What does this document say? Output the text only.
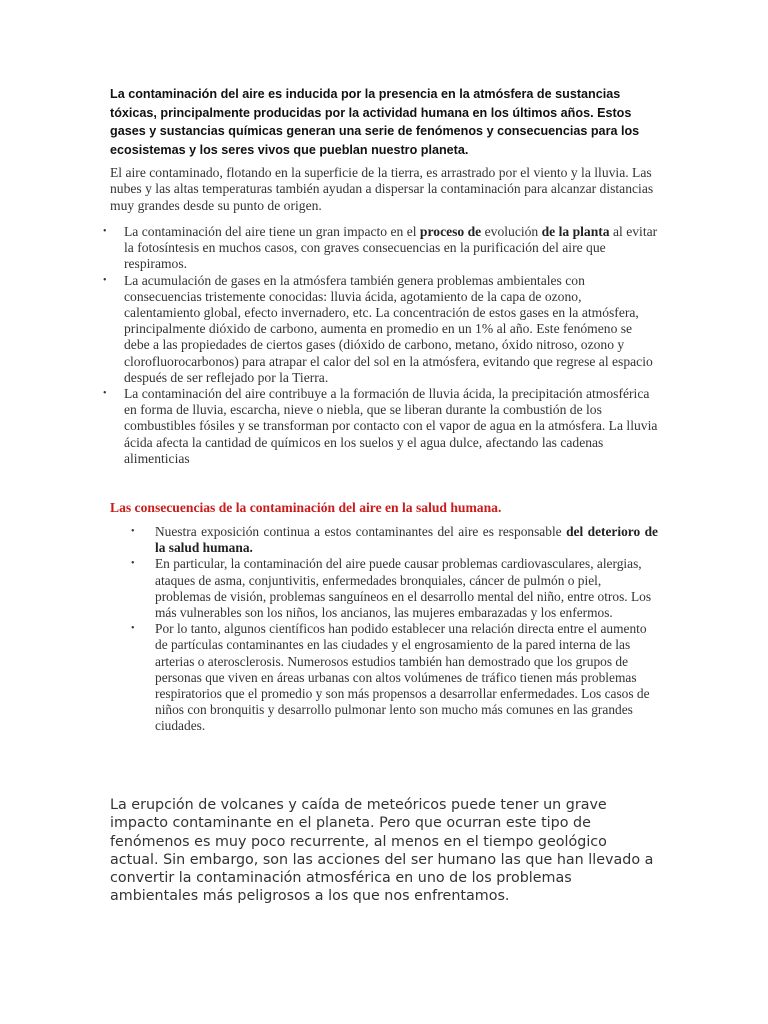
La contaminación del aire es inducida por la presencia en la atmósfera de sustancias tóxicas, principalmente producidas por la actividad humana en los últimos años. Estos gases y sustancias químicas generan una serie de fenómenos y consecuencias para los ecosistemas y los seres vivos que pueblan nuestro planeta.

El aire contaminado, flotando en la superficie de la tierra, es arrastrado por el viento y la lluvia. Las nubes y las altas temperaturas también ayudan a dispersar la contaminación para alcanzar distancias muy grandes desde su punto de origen.

• La contaminación del aire tiene un gran impacto en el proceso de evolución de la planta al evitar la fotosíntesis en muchos casos, con graves consecuencias en la purificación del aire que respiramos.
• La acumulación de gases en la atmósfera también genera problemas ambientales con consecuencias tristemente conocidas: lluvia ácida, agotamiento de la capa de ozono, calentamiento global, efecto invernadero, etc. La concentración de estos gases en la atmósfera, principalmente dióxido de carbono, aumenta en promedio en un 1% al año. Este fenómeno se debe a las propiedades de ciertos gases (dióxido de carbono, metano, óxido nitroso, ozono y clorofluorocarbonos) para atrapar el calor del sol en la atmósfera, evitando que regrese al espacio después de ser reflejado por la Tierra.
• La contaminación del aire contribuye a la formación de lluvia ácida, la precipitación atmosférica en forma de lluvia, escarcha, nieve o niebla, que se liberan durante la combustión de los combustibles fósiles y se transforman por contacto con el vapor de agua en la atmósfera. La lluvia ácida afecta la cantidad de químicos en los suelos y el agua dulce, afectando las cadenas alimenticias

Las consecuencias de la contaminación del aire en la salud humana.

• Nuestra exposición continua a estos contaminantes del aire es responsable del deterioro de la salud humana.
• En particular, la contaminación del aire puede causar problemas cardiovasculares, alergias, ataques de asma, conjuntivitis, enfermedades bronquiales, cáncer de pulmón o piel, problemas de visión, problemas sanguíneos en el desarrollo mental del niño, entre otros. Los más vulnerables son los niños, los ancianos, las mujeres embarazadas y los enfermos.
• Por lo tanto, algunos científicos han podido establecer una relación directa entre el aumento de partículas contaminantes en las ciudades y el engrosamiento de la pared interna de las arterias o aterosclerosis. Numerosos estudios también han demostrado que los grupos de personas que viven en áreas urbanas con altos volúmenes de tráfico tienen más problemas respiratorios que el promedio y son más propensos a desarrollar enfermedades. Los casos de niños con bronquitis y desarrollo pulmonar lento son mucho más comunes en las grandes ciudades.

La erupción de volcanes y caída de meteóricos puede tener un grave impacto contaminante en el planeta. Pero que ocurran este tipo de fenómenos es muy poco recurrente, al menos en el tiempo geológico actual. Sin embargo, son las acciones del ser humano las que han llevado a convertir la contaminación atmosférica en uno de los problemas ambientales más peligrosos a los que nos enfrentamos.
